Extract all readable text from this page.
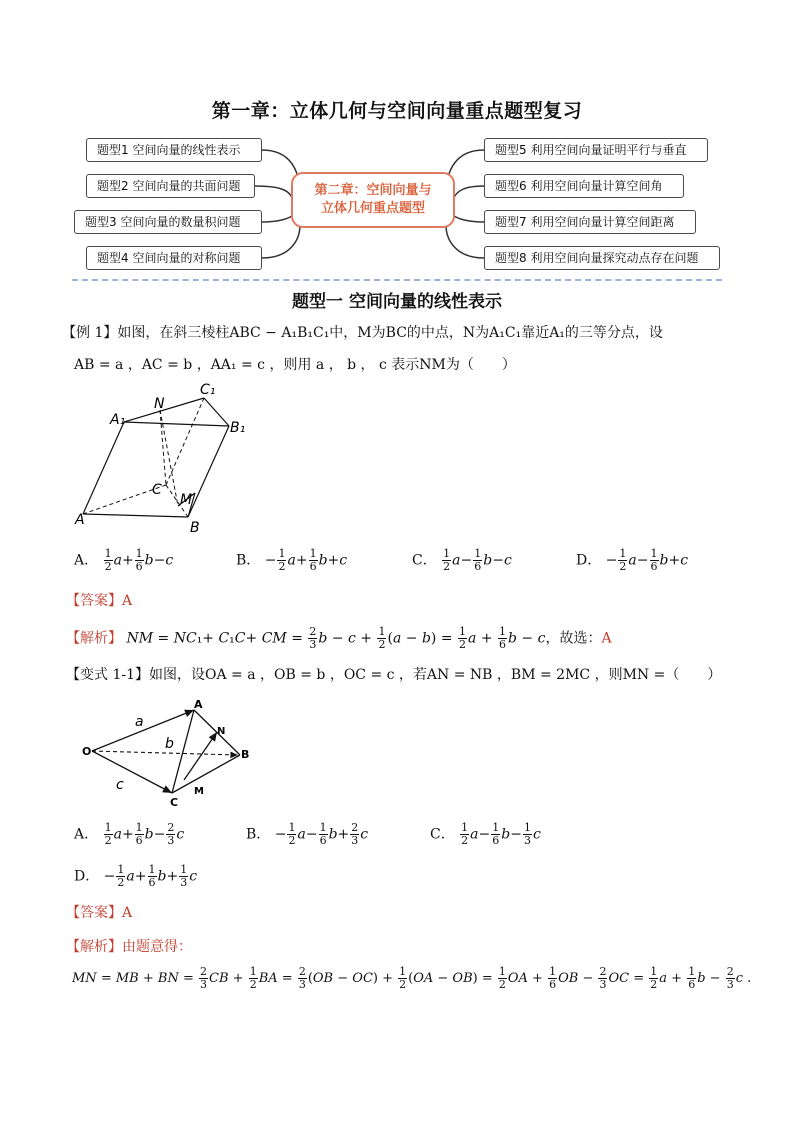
第一章：立体几何与空间向量重点题型复习
题型1 空间向量的线性表示
题型2 空间向量的共面问题
题型3 空间向量的数量积问题
题型4 空间向量的对称问题
第二章：空间向量与
立体几何重点题型
题型5 利用空间向量证明平行与垂直
题型6 利用空间向量计算空间角
题型7 利用空间向量计算空间距离
题型8 利用空间向量探究动点存在问题
题型一 空间向量的线性表示
【例 1】如图，在斜三棱柱ABC − A₁B₁C₁中，M为BC的中点，N为A₁C₁靠近A₁的三等分点，设
AB = a ，AC = b ，AA₁ = c ，则用 a ， b ， c 表示NM为（　　）
A	B
C
M
A₁	B₁
C₁
N
A． $\frac{1}{2} a+ \frac{1}{6} b-c$	B． − $\frac{1}{2} a+ \frac{1}{6} b+c$	C． $\frac{1}{2} a- \frac{1}{6} b-c$	D． − $\frac{1}{2} a- \frac{1}{6} b+c$
【答案】A
【解析】 NM = NC₁+ C₁C+ CM = $\frac{2}{3}$ $b - c + \frac{1}{2} (a - b) = \frac{1}{2}$ $a + \frac{1}{6}$ b − c，故选：A
【变式 1-1】如图，设OA = a ，OB = b ，OC = c ，若AN = NB ，BM = 2MC ，则MN =（　　）
O
A
B
C
N
M
a
b
c
A． $\frac{1}{2} a+ \frac{1}{6} b- \frac{2}{3}$ c	B． − $\frac{1}{2} a- \frac{1}{6} b+ \frac{2}{3}$ c	C． $\frac{1}{2} a- \frac{1}{6} b- \frac{1}{3}$ c
D． − $\frac{1}{2} a+ \frac{1}{6} b+ \frac{1}{3}$ c
【答案】A
【解析】由题意得：
MN = MB + BN = $\frac{2}{3}$ CB + $\frac{1}{2}$ BA = $\frac{2}{3} (OB - OC) + \frac{1}{2} (OA - OB) = \frac{1}{2}$ OA + $\frac{1}{6}$ OB − $\frac{2}{3}$ OC = $\frac{1}{2}$ $a + \frac{1}{6}$ $b - \frac{2}{3}$ c .
